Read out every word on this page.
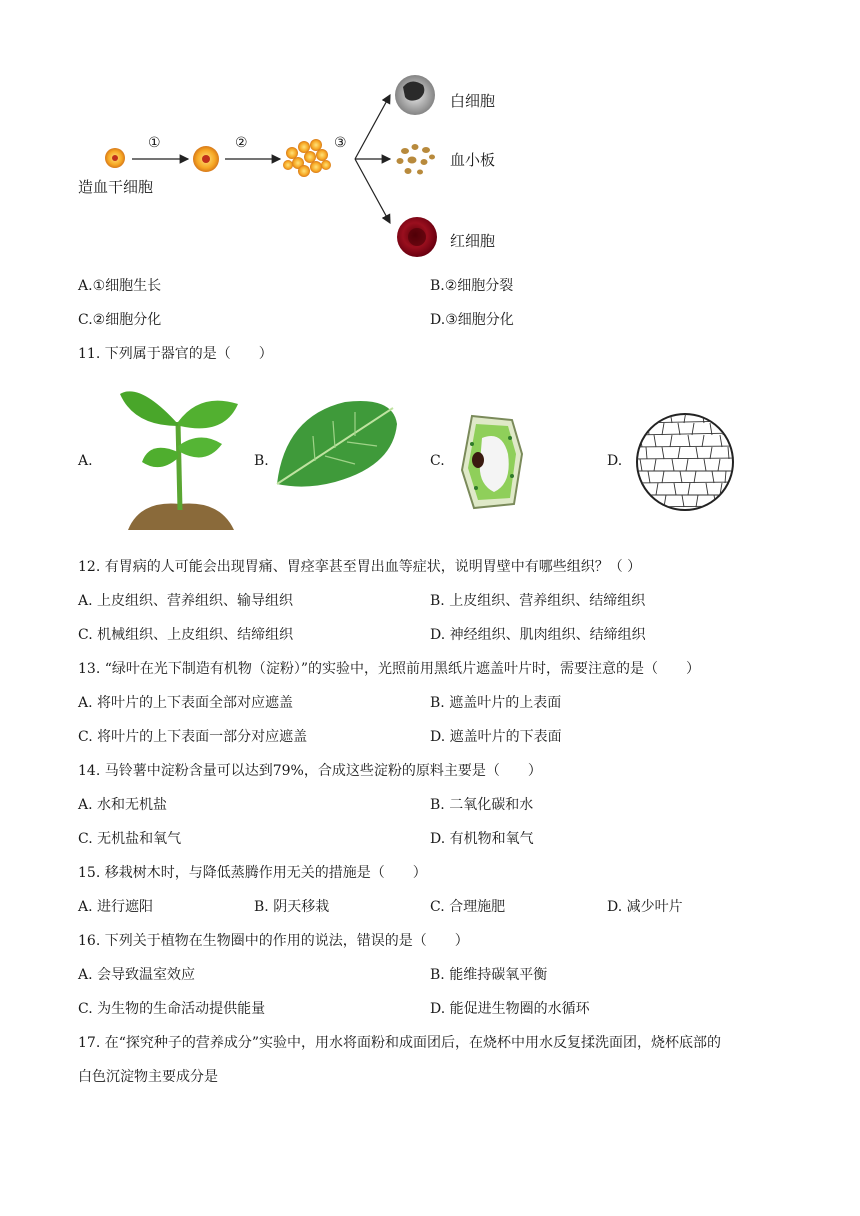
①	②	③
造血干细胞
白细胞
血小板
红细胞
A.①细胞生长	B.②细胞分裂
C.②细胞分化	D.③细胞分化
11. 下列属于器官的是（　　）
A.	B.	C.	D.
12. 有胃病的人可能会出现胃痛、胃痉挛甚至胃出血等症状，说明胃壁中有哪些组织？（ ）
A. 上皮组织、营养组织、输导组织	B. 上皮组织、营养组织、结缔组织
C. 机械组织、上皮组织、结缔组织	D. 神经组织、肌肉组织、结缔组织
13. “绿叶在光下制造有机物（淀粉）”的实验中，光照前用黑纸片遮盖叶片时，需要注意的是（　　）
A. 将叶片的上下表面全部对应遮盖	B. 遮盖叶片的上表面
C. 将叶片的上下表面一部分对应遮盖	D. 遮盖叶片的下表面
14. 马铃薯中淀粉含量可以达到79%，合成这些淀粉的原料主要是（　　）
A. 水和无机盐	B. 二氧化碳和水
C. 无机盐和氧气	D. 有机物和氧气
15. 移栽树木时，与降低蒸腾作用无关的措施是（　　）
A. 进行遮阳	B. 阴天移栽	C. 合理施肥	D. 减少叶片
16. 下列关于植物在生物圈中的作用的说法，错误的是（　　）
A. 会导致温室效应	B. 能维持碳氧平衡
C. 为生物的生命活动提供能量	D. 能促进生物圈的水循环
17. 在“探究种子的营养成分”实验中，用水将面粉和成面团后，在烧杯中用水反复揉洗面团，烧杯底部的
白色沉淀物主要成分是
